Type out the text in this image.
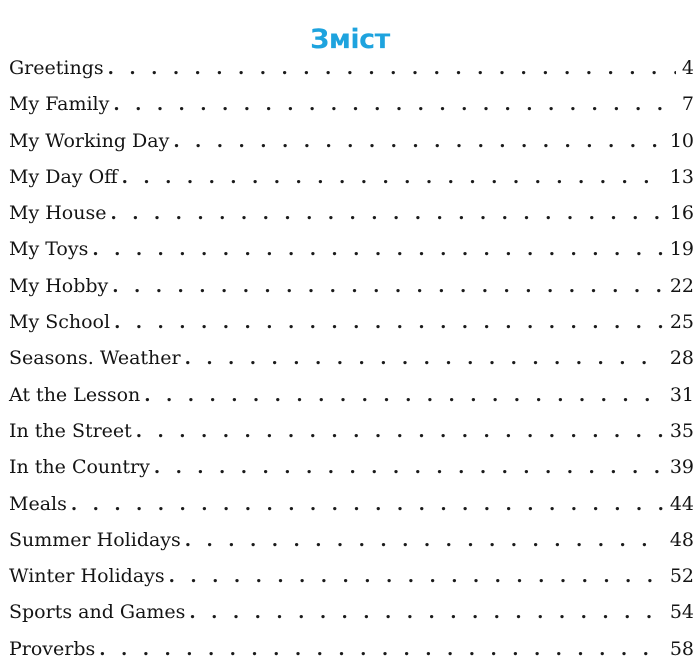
Зміст
Greetings . . .	4
My Family . . .	7
My Working Day . . .	10
My Day Off . . .	13
My House . . .	16
My Toys . . .	19
My Hobby . . .	22
My School . . .	25
Seasons. Weather . . .	28
At the Lesson . . .	31
In the Street . . .	35
In the Country . . .	39
Meals . . .	44
Summer Holidays . . .	48
Winter Holidays . . .	52
Sports and Games . . .	54
Proverbs . . .	58
